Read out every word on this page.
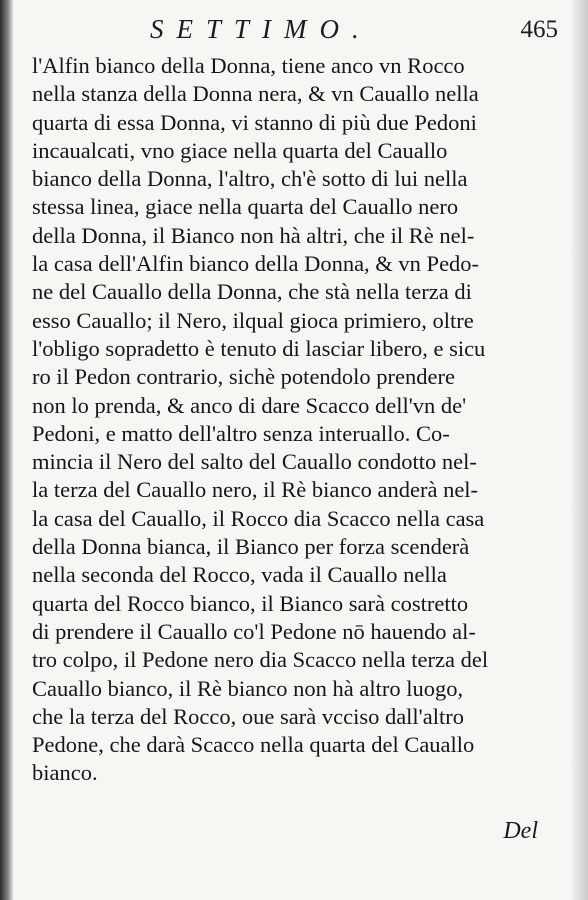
SETTIMO.	465
l'Alfin bianco della Donna, tiene anco vn Rocco
nella stanza della Donna nera, & vn Cauallo nella
quarta di essa Donna, vi stanno di più due Pedoni
incaualcati, vno giace nella quarta del Cauallo
bianco della Donna, l'altro, ch'è sotto di lui nella
stessa linea, giace nella quarta del Cauallo nero
della Donna, il Bianco non hà altri, che il Rè nel-
la casa dell'Alfin bianco della Donna, & vn Pedo-
ne del Cauallo della Donna, che stà nella terza di
esso Cauallo; il Nero, ilqual gioca primiero, oltre
l'obligo sopradetto è tenuto di lasciar libero, e sicu
ro il Pedon contrario, sichè potendolo prendere
non lo prenda, & anco di dare Scacco dell'vn de'
Pedoni, e matto dell'altro senza interuallo. Co-
mincia il Nero del salto del Cauallo condotto nel-
la terza del Cauallo nero, il Rè bianco anderà nel-
la casa del Cauallo, il Rocco dia Scacco nella casa
della Donna bianca, il Bianco per forza scenderà
nella seconda del Rocco, vada il Cauallo nella
quarta del Rocco bianco, il Bianco sarà costretto
di prendere il Cauallo co'l Pedone nō hauendo al-
tro colpo, il Pedone nero dia Scacco nella terza del
Cauallo bianco, il Rè bianco non hà altro luogo,
che la terza del Rocco, oue sarà vcciso dall'altro
Pedone, che darà Scacco nella quarta del Cauallo
bianco.
Del
